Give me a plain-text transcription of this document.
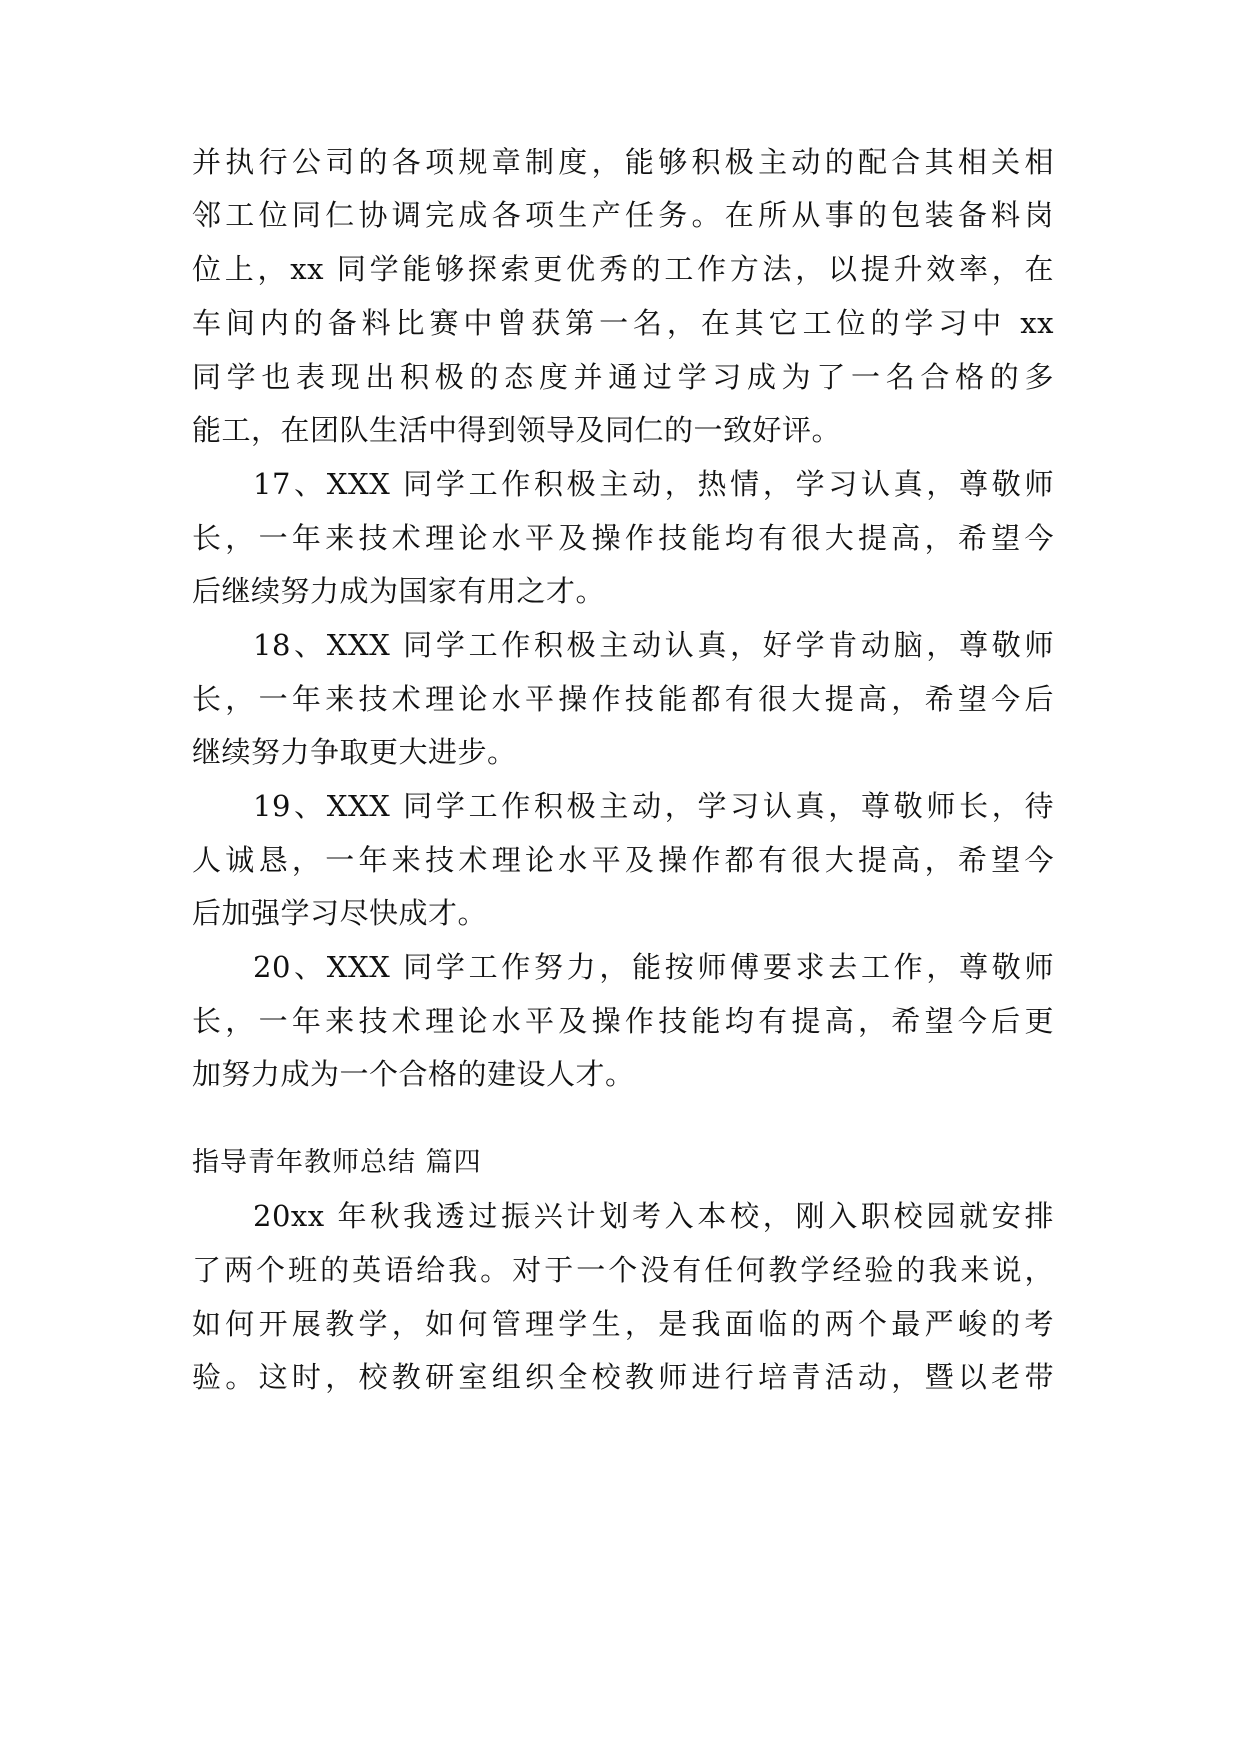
并执行公司的各项规章制度，能够积极主动的配合其相关相
邻工位同仁协调完成各项生产任务。在所从事的包装备料岗
位上，xx 同学能够探索更优秀的工作方法，以提升效率，在
车间内的备料比赛中曾获第一名，在其它工位的学习中 xx
同学也表现出积极的态度并通过学习成为了一名合格的多
能工，在团队生活中得到领导及同仁的一致好评。
17、XXX 同学工作积极主动，热情，学习认真，尊敬师
长，一年来技术理论水平及操作技能均有很大提高，希望今
后继续努力成为国家有用之才。
18、XXX 同学工作积极主动认真，好学肯动脑，尊敬师
长，一年来技术理论水平操作技能都有很大提高，希望今后
继续努力争取更大进步。
19、XXX 同学工作积极主动，学习认真，尊敬师长，待
人诚恳，一年来技术理论水平及操作都有很大提高，希望今
后加强学习尽快成才。
20、XXX 同学工作努力，能按师傅要求去工作，尊敬师
长，一年来技术理论水平及操作技能均有提高，希望今后更
加努力成为一个合格的建设人才。
指导青年教师总结 篇四
20xx 年秋我透过振兴计划考入本校，刚入职校园就安排
了两个班的英语给我。对于一个没有任何教学经验的我来说，
如何开展教学，如何管理学生，是我面临的两个最严峻的考
验。这时，校教研室组织全校教师进行培青活动，暨以老带
